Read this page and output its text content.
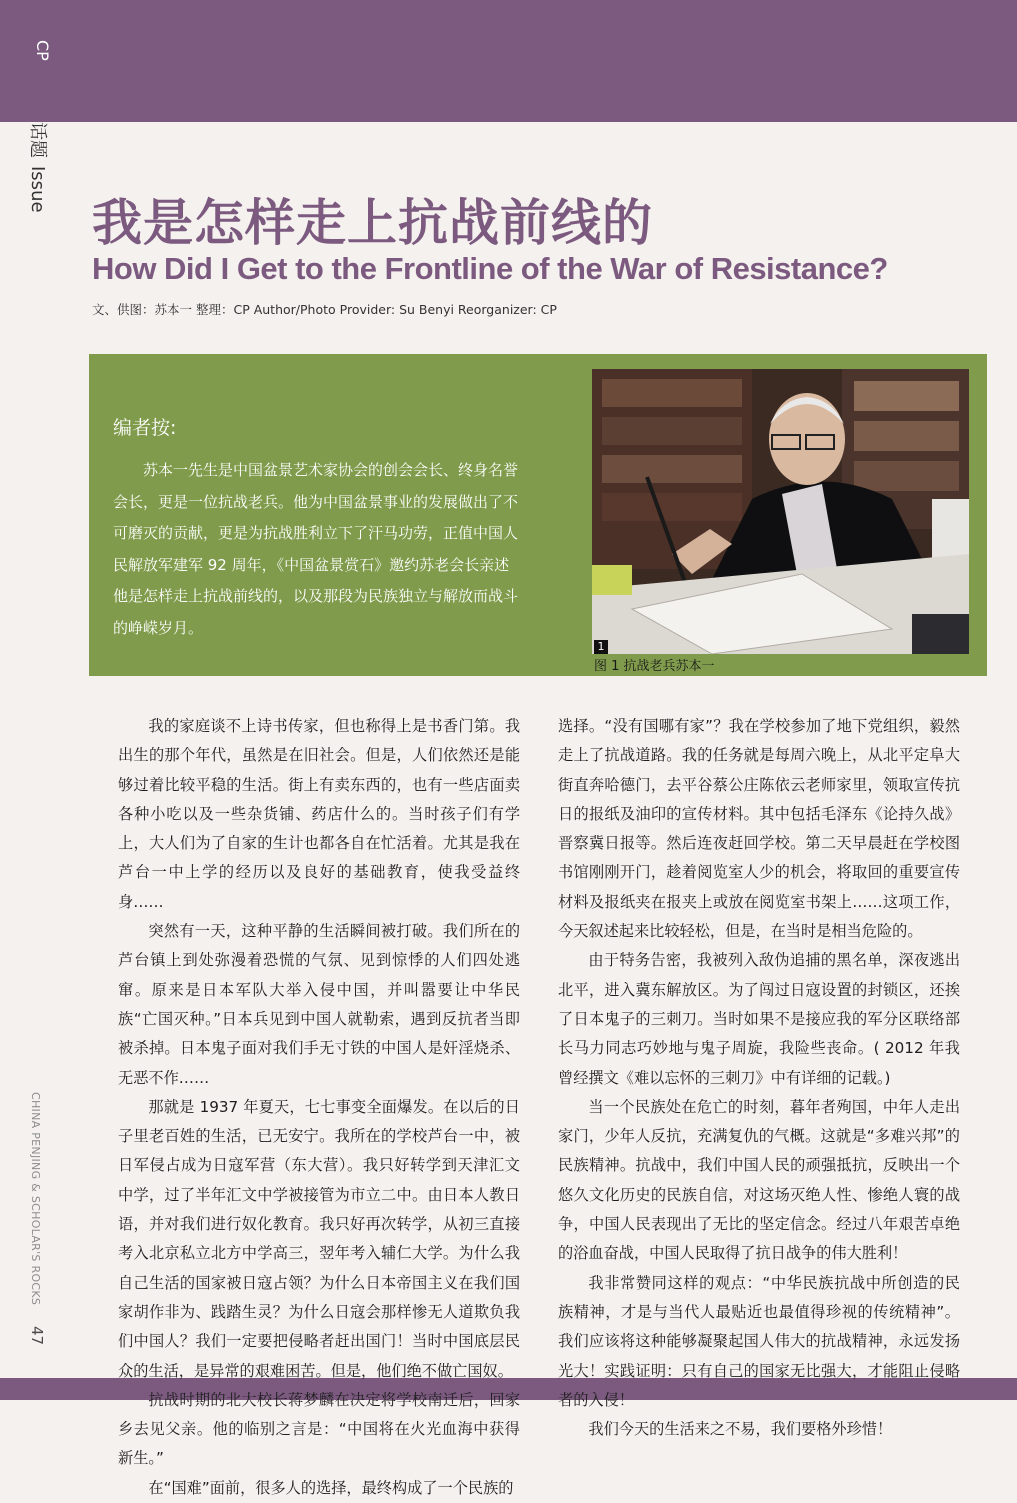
CP
话题Issue
CHINA PENJING & SCHOLAR'S ROCKS
47
我是怎样走上抗战前线的
How Did I Get to the Frontline of the War of Resistance?
文、供图：苏本一 整理：CP Author/Photo Provider: Su Benyi Reorganizer: CP
编者按:

苏本一先生是中国盆景艺术家协会的创会会长、终身名誉会长，更是一位抗战老兵。他为中国盆景事业的发展做出了不可磨灭的贡献，更是为抗战胜利立下了汗马功劳，正值中国人民解放军建军 92 周年，《中国盆景赏石》邀约苏老会长亲述他是怎样走上抗战前线的，以及那段为民族独立与解放而战斗的峥嵘岁月。

1
图 1 抗战老兵苏本一

我的家庭谈不上诗书传家，但也称得上是书香门第。我出生的那个年代，虽然是在旧社会。但是，人们依然还是能够过着比较平稳的生活。街上有卖东西的，也有一些店面卖各种小吃以及一些杂货铺、药店什么的。当时孩子们有学上，大人们为了自家的生计也都各自在忙活着。尤其是我在芦台一中上学的经历以及良好的基础教育，使我受益终身……

突然有一天，这种平静的生活瞬间被打破。我们所在的芦台镇上到处弥漫着恐慌的气氛、见到惊悸的人们四处逃窜。原来是日本军队大举入侵中国，并叫嚣要让中华民族“亡国灭种。”日本兵见到中国人就勒索，遇到反抗者当即被杀掉。日本鬼子面对我们手无寸铁的中国人是奸淫烧杀、无恶不作……

那就是 1937 年夏天，七七事变全面爆发。在以后的日子里老百姓的生活，已无安宁。我所在的学校芦台一中，被日军侵占成为日寇军营（东大营）。我只好转学到天津汇文中学，过了半年汇文中学被接管为市立二中。由日本人教日语，并对我们进行奴化教育。我只好再次转学，从初三直接考入北京私立北方中学高三，翌年考入辅仁大学。为什么我自己生活的国家被日寇占领？为什么日本帝国主义在我们国家胡作非为、践踏生灵？为什么日寇会那样惨无人道欺负我们中国人？我们一定要把侵略者赶出国门！当时中国底层民众的生活，是异常的艰难困苦。但是，他们绝不做亡国奴。

抗战时期的北大校长蒋梦麟在决定将学校南迁后，回家乡去见父亲。他的临别之言是：“中国将在火光血海中获得新生。”

在“国难”面前，很多人的选择，最终构成了一个民族的

选择。“没有国哪有家”？我在学校参加了地下党组织，毅然走上了抗战道路。我的任务就是每周六晚上，从北平定阜大街直奔哈德门，去平谷蔡公庄陈依云老师家里，领取宣传抗日的报纸及油印的宣传材料。其中包括毛泽东《论持久战》晋察冀日报等。然后连夜赶回学校。第二天早晨赶在学校图书馆刚刚开门，趁着阅览室人少的机会，将取回的重要宣传材料及报纸夹在报夹上或放在阅览室书架上……这项工作，今天叙述起来比较轻松，但是，在当时是相当危险的。

由于特务告密，我被列入敌伪追捕的黑名单，深夜逃出北平，进入冀东解放区。为了闯过日寇设置的封锁区，还挨了日本鬼子的三刺刀。当时如果不是接应我的军分区联络部长马力同志巧妙地与鬼子周旋，我险些丧命。( 2012 年我曾经撰文《难以忘怀的三刺刀》中有详细的记载。)

当一个民族处在危亡的时刻，暮年者殉国，中年人走出家门，少年人反抗，充满复仇的气概。这就是“多难兴邦”的民族精神。抗战中，我们中国人民的顽强抵抗，反映出一个悠久文化历史的民族自信，对这场灭绝人性、惨绝人寰的战争，中国人民表现出了无比的坚定信念。经过八年艰苦卓绝的浴血奋战，中国人民取得了抗日战争的伟大胜利！

我非常赞同这样的观点：“中华民族抗战中所创造的民族精神，才是与当代人最贴近也最值得珍视的传统精神”。我们应该将这种能够凝聚起国人伟大的抗战精神，永远发扬光大！实践证明：只有自己的国家无比强大，才能阻止侵略者的入侵！

我们今天的生活来之不易，我们要格外珍惜！
